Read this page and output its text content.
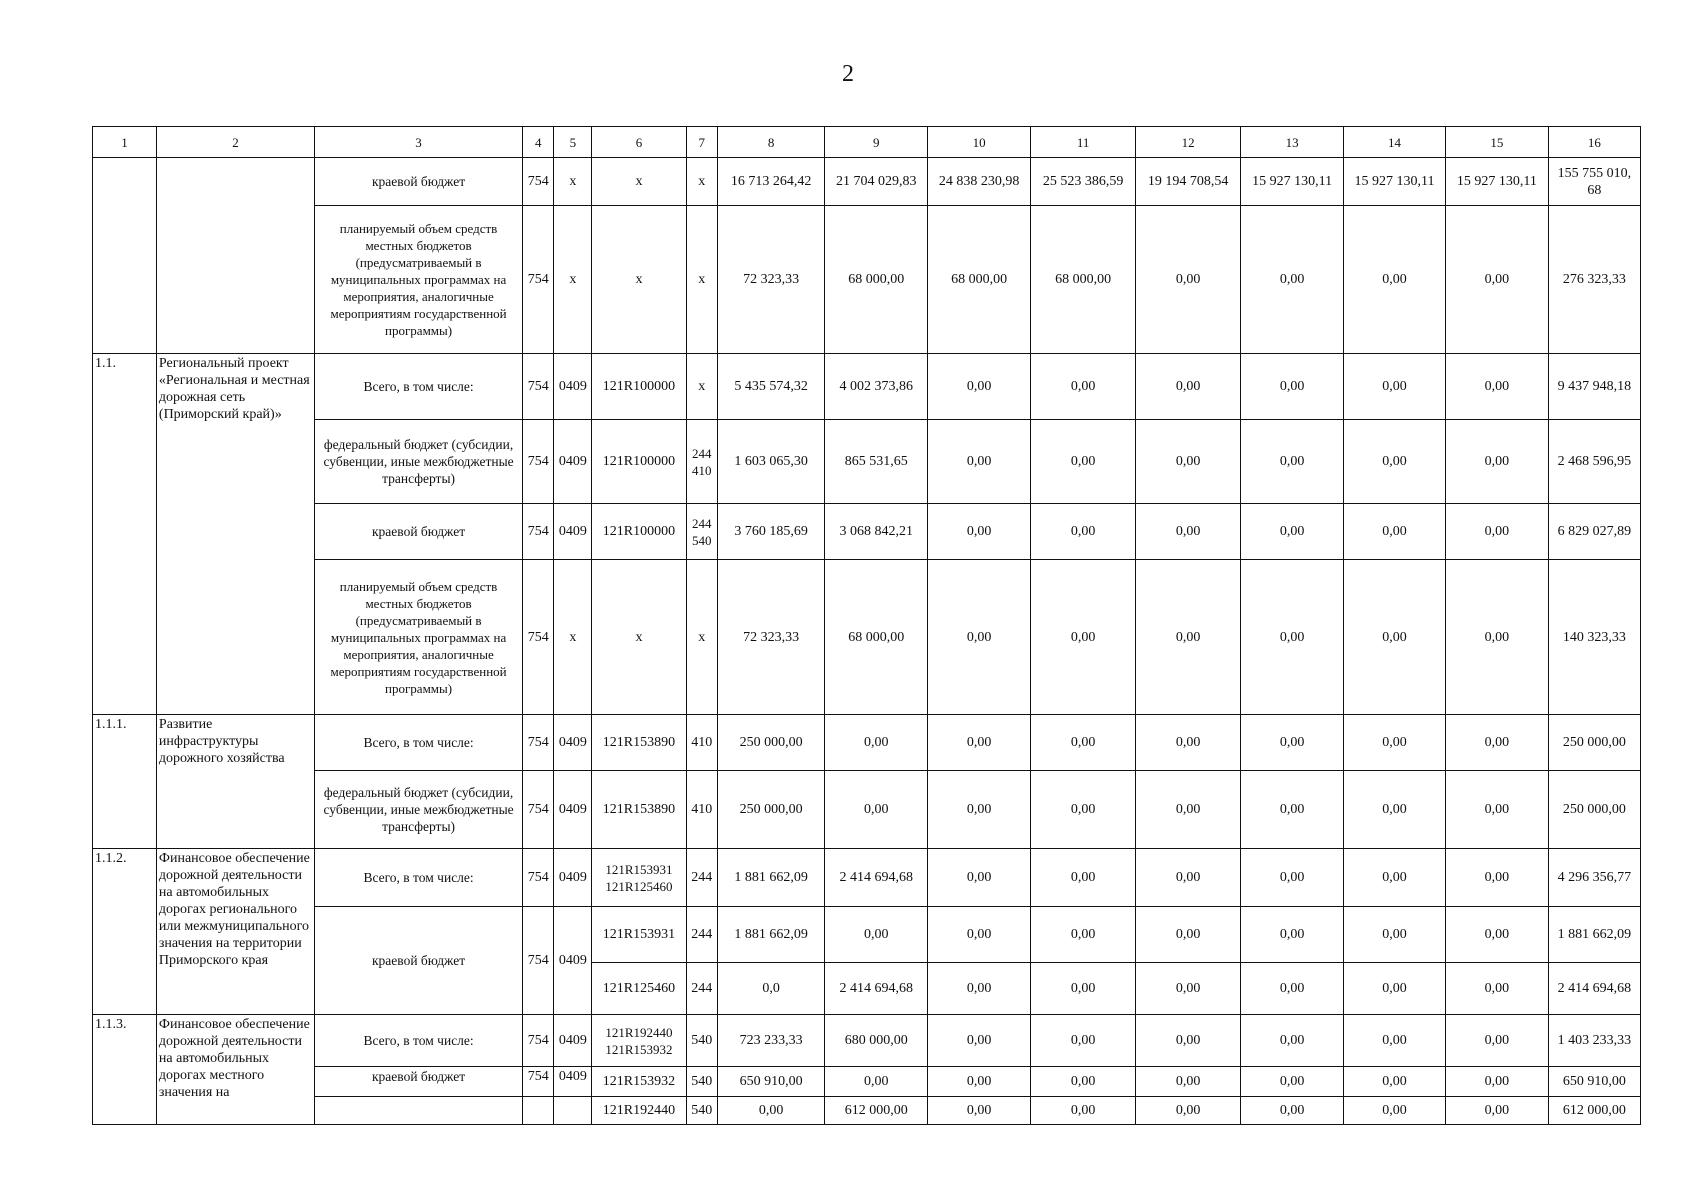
2
1	2	3	4	5	6	7	8	9	10	11	12	13	14	15	16
		краевой бюджет	754	x	x	x	16 713 264,42	21 704 029,83	24 838 230,98	25 523 386,59	19 194 708,54	15 927 130,11	15 927 130,11	15 927 130,11	155 755 010, 68
		планируемый объем средств местных бюджетов (предусматриваемый в муниципальных программах на мероприятия, аналогичные мероприятиям государственной программы)	754	x	x	x	72 323,33	68 000,00	68 000,00	68 000,00	0,00	0,00	0,00	0,00	276 323,33
1.1.	Региональный проект «Региональная и местная дорожная сеть (Приморский край)»	Всего, в том числе:	754	0409	121R100000	x	5 435 574,32	4 002 373,86	0,00	0,00	0,00	0,00	0,00	0,00	9 437 948,18
		федеральный бюджет (субсидии, субвенции, иные межбюджетные трансферты)	754	0409	121R100000	244 410	1 603 065,30	865 531,65	0,00	0,00	0,00	0,00	0,00	0,00	2 468 596,95
		краевой бюджет	754	0409	121R100000	244 540	3 760 185,69	3 068 842,21	0,00	0,00	0,00	0,00	0,00	0,00	6 829 027,89
		планируемый объем средств местных бюджетов (предусматриваемый в муниципальных программах на мероприятия, аналогичные мероприятиям государственной программы)	754	x	x	x	72 323,33	68 000,00	0,00	0,00	0,00	0,00	0,00	0,00	140 323,33
1.1.1.	Развитие инфраструктуры дорожного хозяйства	Всего, в том числе:	754	0409	121R153890	410	250 000,00	0,00	0,00	0,00	0,00	0,00	0,00	0,00	250 000,00
		федеральный бюджет (субсидии, субвенции, иные межбюджетные трансферты)	754	0409	121R153890	410	250 000,00	0,00	0,00	0,00	0,00	0,00	0,00	0,00	250 000,00
1.1.2.	Финансовое обеспечение дорожной деятельности на автомобильных дорогах регионального или межмуниципального значения на территории Приморского края	Всего, в том числе:	754	0409	121R153931 121R125460	244	1 881 662,09	2 414 694,68	0,00	0,00	0,00	0,00	0,00	0,00	4 296 356,77
		краевой бюджет	754	0409	121R153931	244	1 881 662,09	0,00	0,00	0,00	0,00	0,00	0,00	0,00	1 881 662,09
					121R125460	244	0,0	2 414 694,68	0,00	0,00	0,00	0,00	0,00	0,00	2 414 694,68
1.1.3.	Финансовое обеспечение дорожной деятельности на автомобильных дорогах местного значения на	Всего, в том числе:	754	0409	121R192440 121R153932	540	723 233,33	680 000,00	0,00	0,00	0,00	0,00	0,00	0,00	1 403 233,33
		краевой бюджет	754	0409	121R153932	540	650 910,00	0,00	0,00	0,00	0,00	0,00	0,00	0,00	650 910,00
					121R192440	540	0,00	612 000,00	0,00	0,00	0,00	0,00	0,00	0,00	612 000,00
